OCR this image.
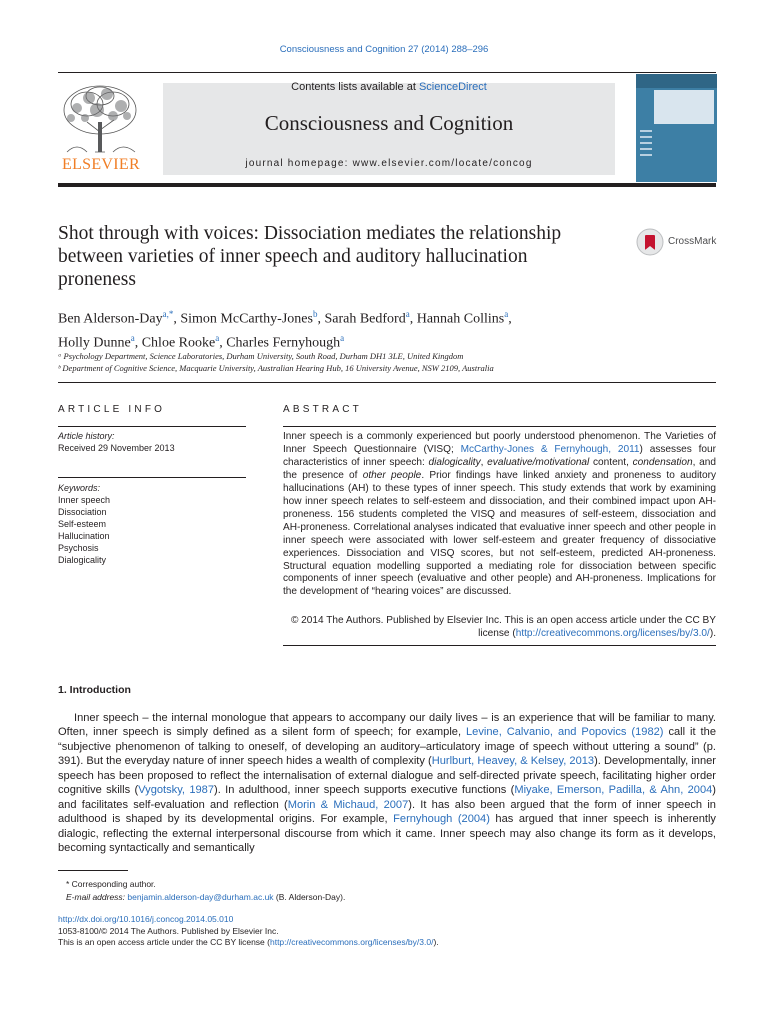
Consciousness and Cognition 27 (2014) 288–296
ELSEVIER
Contents lists available at ScienceDirect
Consciousness and Cognition
journal homepage: www.elsevier.com/locate/concog
Shot through with voices: Dissociation mediates the relationship between varieties of inner speech and auditory hallucination proneness
CrossMark
Ben Alderson-Day$^{a,*}$, Simon McCarthy-Jones$^b$, Sarah Bedford$^a$, Hannah Collins$^a$,
Holly Dunne$^a$, Chloe Rooke$^a$, Charles Fernyhough$^a$
ᵃ Psychology Department, Science Laboratories, Durham University, South Road, Durham DH1 3LE, United Kingdom
ᵇ Department of Cognitive Science, Macquarie University, Australian Hearing Hub, 16 University Avenue, NSW 2109, Australia
ARTICLE INFO	ABSTRACT
Article history:
Received 29 November 2013
Keywords:
Inner speech
Dissociation
Self-esteem
Hallucination
Psychosis
Dialogicality
Inner speech is a commonly experienced but poorly understood phenomenon. The Varieties of Inner Speech Questionnaire (VISQ; McCarthy-Jones & Fernyhough, 2011) assesses four characteristics of inner speech: dialogicality, evaluative/motivational content, condensation, and the presence of other people. Prior findings have linked anxiety and proneness to auditory hallucinations (AH) to these types of inner speech. This study extends that work by examining how inner speech relates to self-esteem and dissociation, and their combined impact upon AH-proneness. 156 students completed the VISQ and measures of self-esteem, dissociation and AH-proneness. Correlational analyses indicated that evaluative inner speech and other people in inner speech were associated with lower self-esteem and greater frequency of dissociative experiences. Dissociation and VISQ scores, but not self-esteem, predicted AH-proneness. Structural equation modelling supported a mediating role for dissociation between specific components of inner speech (evaluative and other people) and AH-proneness. Implications for the development of “hearing voices” are discussed.
© 2014 The Authors. Published by Elsevier Inc. This is an open access article under the CC BY license (http://creativecommons.org/licenses/by/3.0/).
1. Introduction
Inner speech – the internal monologue that appears to accompany our daily lives – is an experience that will be familiar to many. Often, inner speech is simply defined as a silent form of speech; for example, Levine, Calvanio, and Popovics (1982) call it the “subjective phenomenon of talking to oneself, of developing an auditory–articulatory image of speech without uttering a sound” (p. 391). But the everyday nature of inner speech hides a wealth of complexity (Hurlburt, Heavey, & Kelsey, 2013). Developmentally, inner speech has been proposed to reflect the internalisation of external dialogue and self-directed private speech, facilitating higher order cognitive skills (Vygotsky, 1987). In adulthood, inner speech supports executive functions (Miyake, Emerson, Padilla, & Ahn, 2004) and facilitates self-evaluation and reflection (Morin & Michaud, 2007). It has also been argued that the form of inner speech in adulthood is shaped by its developmental origins. For example, Fernyhough (2004) has argued that inner speech is inherently dialogic, reflecting the external interpersonal discourse from which it came. Inner speech may also change its form as it develops, becoming syntactically and semantically
* Corresponding author.
E-mail address: benjamin.alderson-day@durham.ac.uk (B. Alderson-Day).
http://dx.doi.org/10.1016/j.concog.2014.05.010
1053-8100/© 2014 The Authors. Published by Elsevier Inc.
This is an open access article under the CC BY license (http://creativecommons.org/licenses/by/3.0/).
